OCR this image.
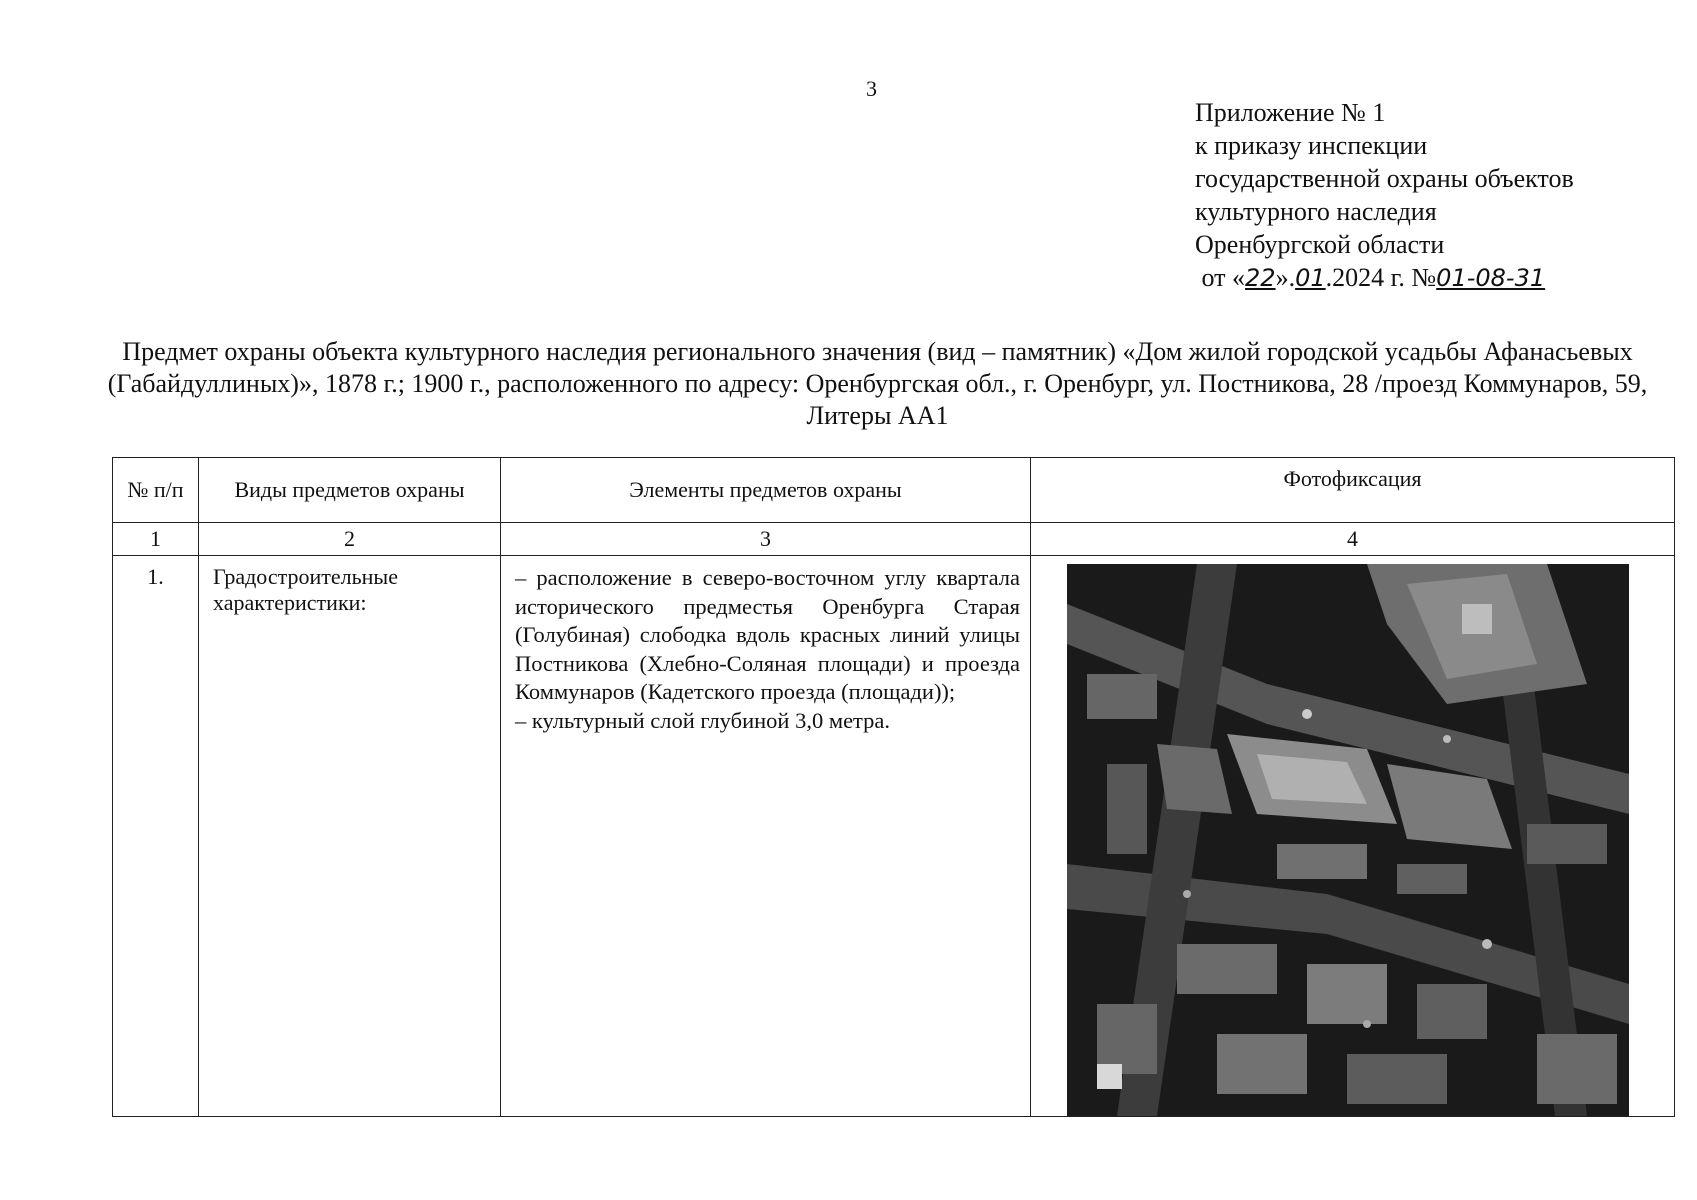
3
Приложение № 1
к приказу инспекции
государственной охраны объектов
культурного наследия
Оренбургской области
от «22».01.2024 г. №01-08-31
Предмет охраны объекта культурного наследия регионального значения (вид – памятник) «Дом жилой городской усадьбы Афанасьевых (Габайдуллиных)», 1878 г.; 1900 г., расположенного по адресу: Оренбургская обл., г. Оренбург, ул. Постникова, 28 /проезд Коммунаров, 59, Литеры АА1
№ п/п	Виды предметов охраны	Элементы предметов охраны	Фотофиксация
1	2	3	4
1.	Градостроительные характеристики:	– расположение в северо-восточном углу квартала исторического предместья Оренбурга Старая (Голубиная) слободка вдоль красных линий улицы Постникова (Хлебно-Соляная площади) и проезда Коммунаров (Кадетского проезда (площади));

– культурный слой глубиной 3,0 метра.
